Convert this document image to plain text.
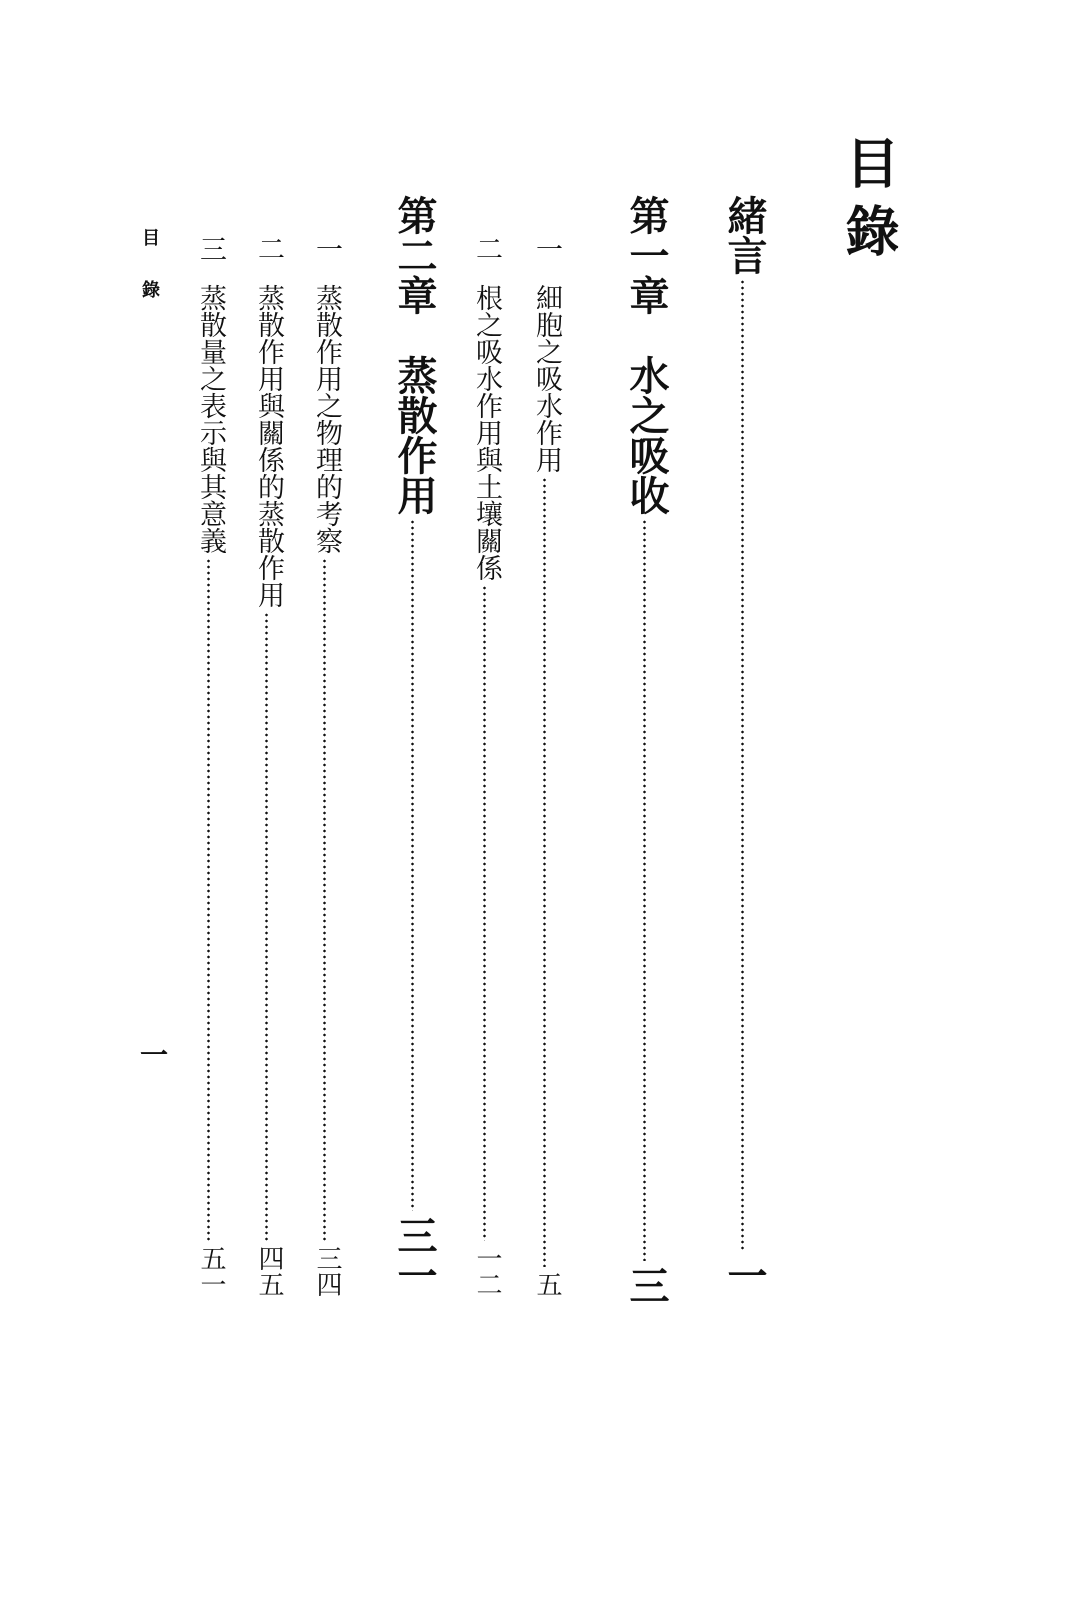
目錄
緒言
一
第一章　水之吸收
三
一
細胞之吸水作用
五
二
根之吸水作用與土壤關係
一二
第二章　蒸散作用
三一
一
蒸散作用之物理的考察
三四
二
蒸散作用與關係的蒸散作用
四五
三
蒸散量之表示與其意義
五一
目錄
一
